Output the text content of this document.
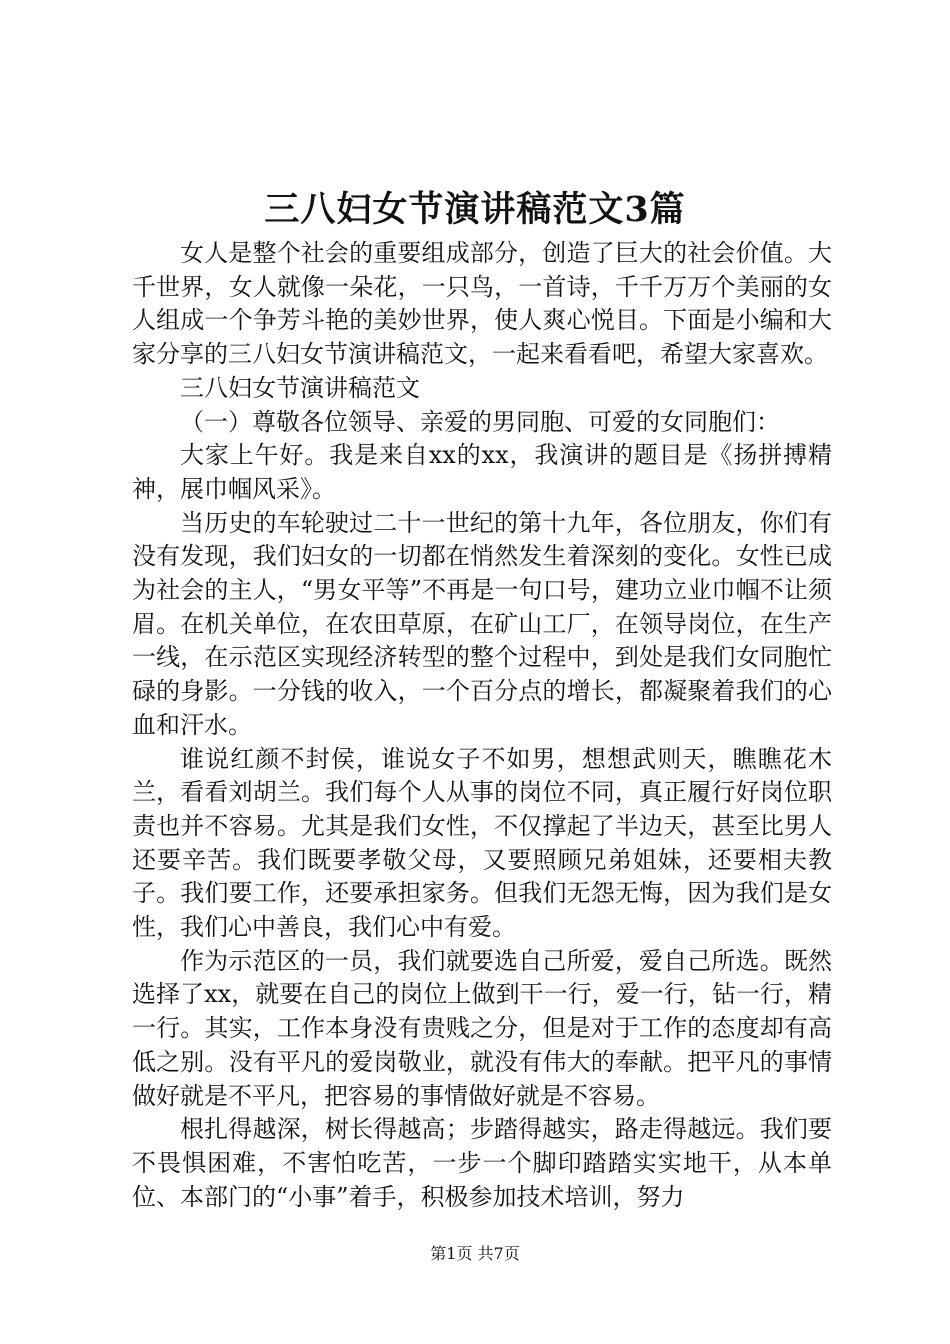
三八妇女节演讲稿范文3篇

女人是整个社会的重要组成部分，创造了巨大的社会价值。大千世界，女人就像一朵花，一只鸟，一首诗，千千万万个美丽的女人组成一个争芳斗艳的美妙世界，使人爽心悦目。下面是小编和大家分享的三八妇女节演讲稿范文，一起来看看吧，希望大家喜欢。

三八妇女节演讲稿范文

（一）尊敬各位领导、亲爱的男同胞、可爱的女同胞们：

大家上午好。我是来自xx的xx，我演讲的题目是《扬拼搏精神，展巾帼风采》。

当历史的车轮驶过二十一世纪的第十九年，各位朋友，你们有没有发现，我们妇女的一切都在悄然发生着深刻的变化。女性已成为社会的主人，“男女平等”不再是一句口号，建功立业巾帼不让须眉。在机关单位，在农田草原，在矿山工厂，在领导岗位，在生产一线，在示范区实现经济转型的整个过程中，到处是我们女同胞忙碌的身影。一分钱的收入，一个百分点的增长，都凝聚着我们的心血和汗水。

谁说红颜不封侯，谁说女子不如男，想想武则天，瞧瞧花木兰，看看刘胡兰。我们每个人从事的岗位不同，真正履行好岗位职责也并不容易。尤其是我们女性，不仅撑起了半边天，甚至比男人还要辛苦。我们既要孝敬父母，又要照顾兄弟姐妹，还要相夫教子。我们要工作，还要承担家务。但我们无怨无悔，因为我们是女性，我们心中善良，我们心中有爱。

作为示范区的一员，我们就要选自己所爱，爱自己所选。既然选择了xx，就要在自己的岗位上做到干一行，爱一行，钻一行，精一行。其实，工作本身没有贵贱之分，但是对于工作的态度却有高低之别。没有平凡的爱岗敬业，就没有伟大的奉献。把平凡的事情做好就是不平凡，把容易的事情做好就是不容易。

根扎得越深，树长得越高；步踏得越实，路走得越远。我们要不畏惧困难，不害怕吃苦，一步一个脚印踏踏实实地干，从本单位、本部门的“小事”着手，积极参加技术培训，努力

第1页 共7页
